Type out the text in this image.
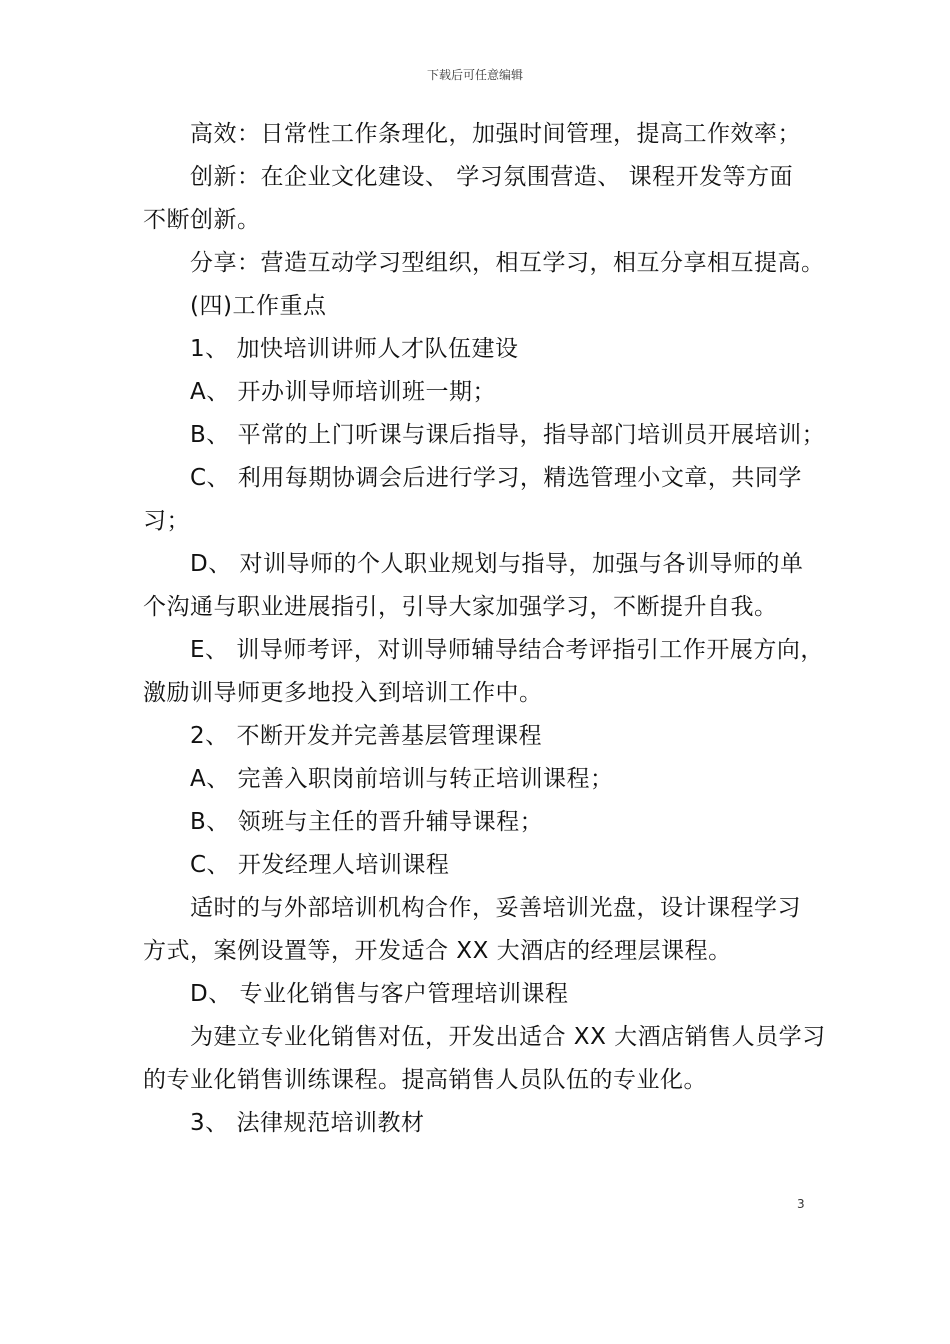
下载后可任意编辑

高效：日常性工作条理化，加强时间管理，提高工作效率；

创新：在企业文化建设、 学习氛围营造、 课程开发等方面

不断创新。

分享：营造互动学习型组织，相互学习，相互分享相互提高。

(四)工作重点

1、 加快培训讲师人才队伍建设

A、 开办训导师培训班一期；

B、 平常的上门听课与课后指导，指导部门培训员开展培训；

C、 利用每期协调会后进行学习，精选管理小文章，共同学

习；

D、 对训导师的个人职业规划与指导，加强与各训导师的单

个沟通与职业进展指引，引导大家加强学习，不断提升自我。

E、 训导师考评，对训导师辅导结合考评指引工作开展方向，

激励训导师更多地投入到培训工作中。

2、 不断开发并完善基层管理课程

A、 完善入职岗前培训与转正培训课程；

B、 领班与主任的晋升辅导课程；

C、 开发经理人培训课程

适时的与外部培训机构合作，妥善培训光盘，设计课程学习

方式，案例设置等，开发适合 XX 大酒店的经理层课程。

D、 专业化销售与客户管理培训课程

为建立专业化销售对伍，开发出适合 XX 大酒店销售人员学习

的专业化销售训练课程。提高销售人员队伍的专业化。

3、 法律规范培训教材

3
